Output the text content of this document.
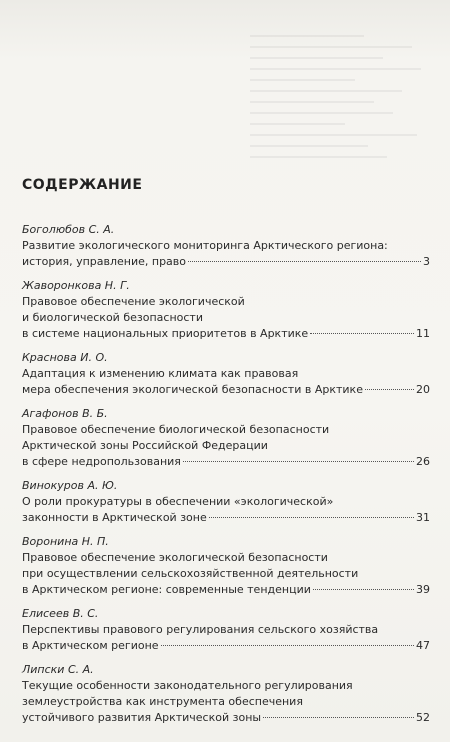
СОДЕРЖАНИЕ
Боголюбов С. А.
Развитие экологического мониторинга Арктического региона:
история, управление, право	3
Жаворонкова Н. Г.
Правовое обеспечение экологической
и биологической безопасности
в системе национальных приоритетов в Арктике	11
Краснова И. О.
Адаптация к изменению климата как правовая
мера обеспечения экологической безопасности в Арктике	20
Агафонов В. Б.
Правовое обеспечение биологической безопасности
Арктической зоны Российской Федерации
в сфере недропользования	26
Винокуров А. Ю.
О роли прокуратуры в обеспечении «экологической»
законности в Арктической зоне	31
Воронина Н. П.
Правовое обеспечение экологической безопасности
при осуществлении сельскохозяйственной деятельности
в Арктическом регионе: современные тенденции	39
Елисеев В. С.
Перспективы правового регулирования сельского хозяйства
в Арктическом регионе	47
Липски С. А.
Текущие особенности законодательного регулирования
землеустройства как инструмента обеспечения
устойчивого развития Арктической зоны	52
